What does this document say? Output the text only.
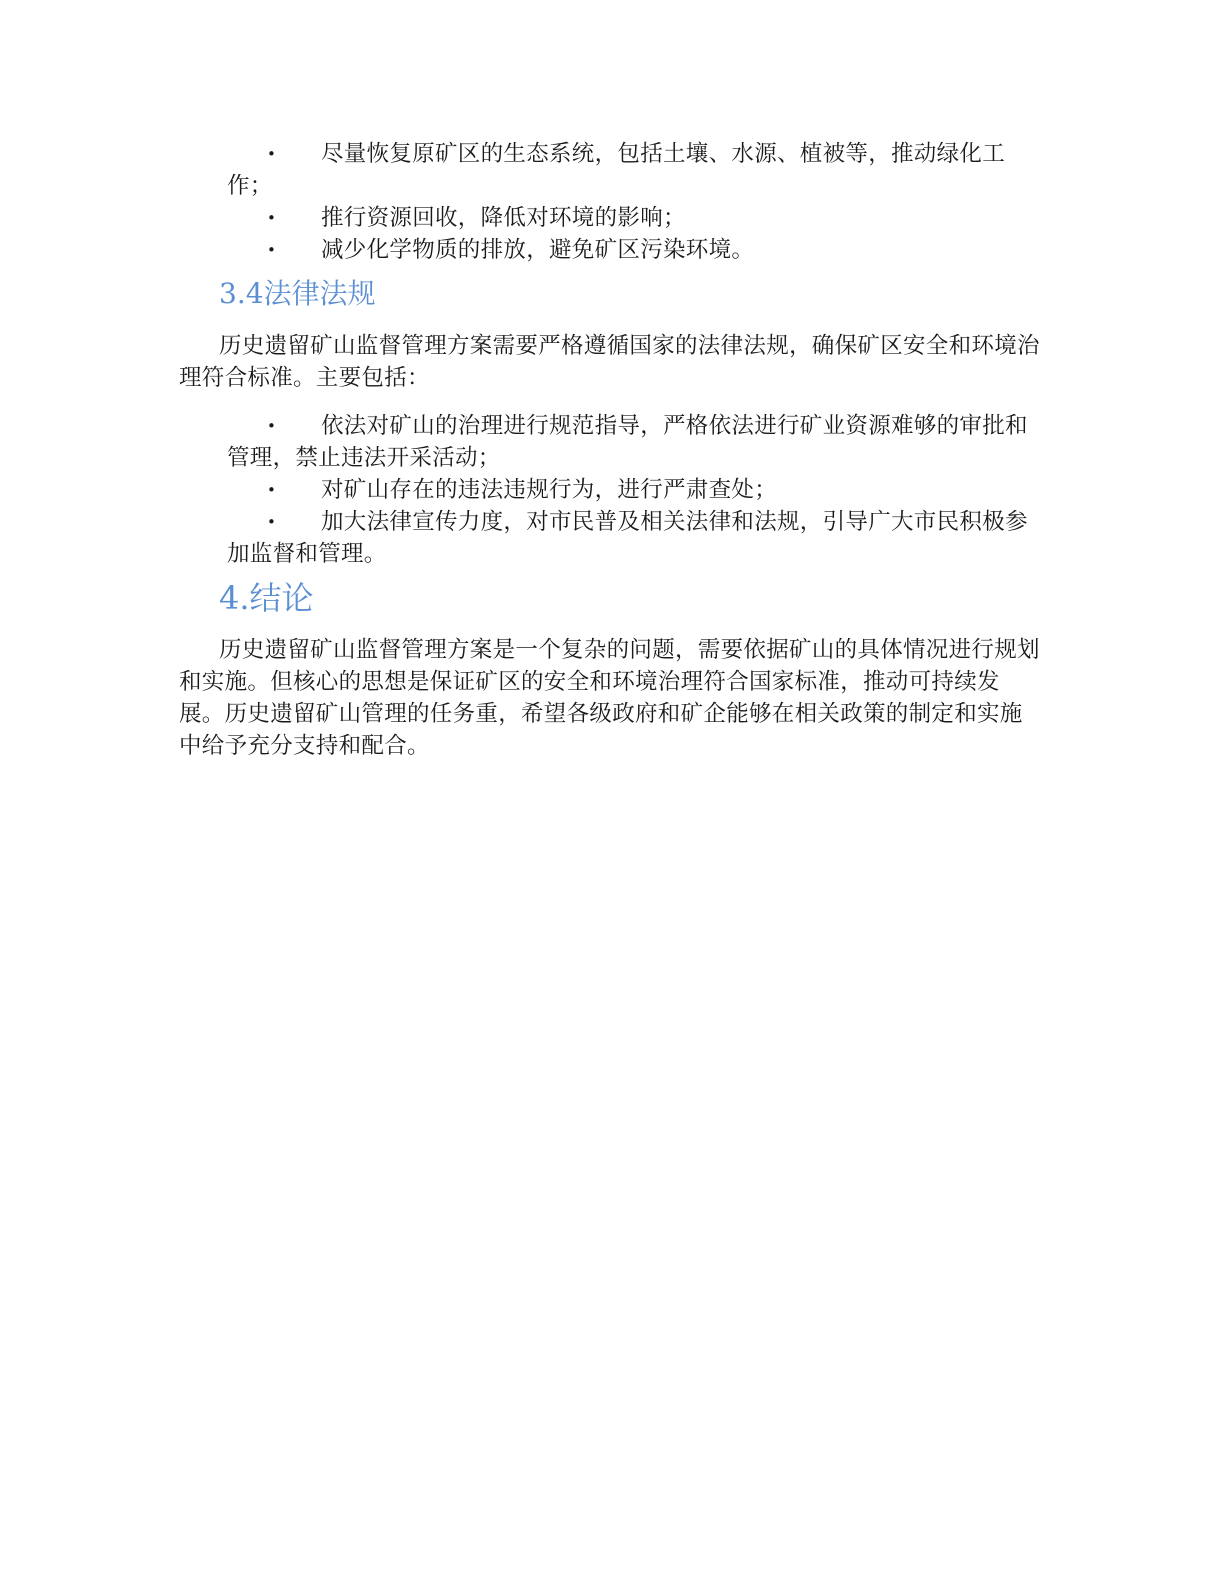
• 尽量恢复原矿区的生态系统，包括土壤、水源、植被等，推动绿化工作；
• 推行资源回收，降低对环境的影响；
• 减少化学物质的排放，避免矿区污染环境。
3.4法律法规

历史遗留矿山监督管理方案需要严格遵循国家的法律法规，确保矿区安全和环境治理符合标准。主要包括：

• 依法对矿山的治理进行规范指导，严格依法进行矿业资源难够的审批和管理，禁止违法开采活动；
• 对矿山存在的违法违规行为，进行严肃查处；
• 加大法律宣传力度，对市民普及相关法律和法规，引导广大市民积极参加监督和管理。
4.结论

历史遗留矿山监督管理方案是一个复杂的问题，需要依据矿山的具体情况进行规划和实施。但核心的思想是保证矿区的安全和环境治理符合国家标准，推动可持续发展。历史遗留矿山管理的任务重，希望各级政府和矿企能够在相关政策的制定和实施中给予充分支持和配合。
